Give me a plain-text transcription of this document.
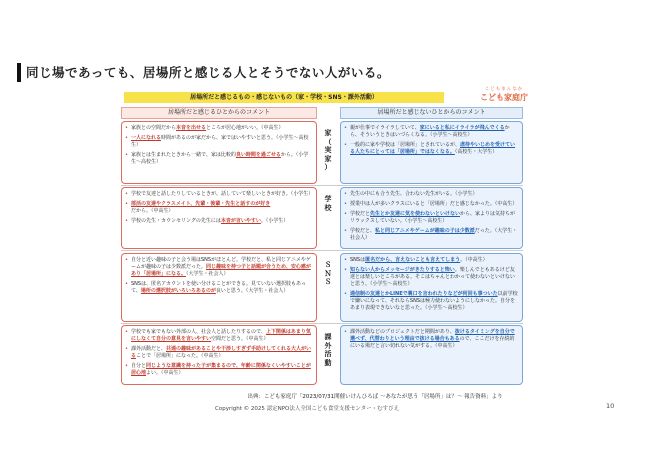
同じ場であっても、居場所と感じる人とそうでない人がいる。
こどもまんなか
こども家庭庁
居場所だと感じるもの・感じないもの（家・学校・SNS・課外活動）
居場所だと感じるひとからのコメント	居場所だと感じないひとからのコメント

• 家族との空間だから本音を出せるところが居心地がいい。（中高生）

• 一人になれる時間があるのが家だから、家ではいやすいと思う。（小学生〜高校生）

• 家族とは生まれたときから一緒で、家は比較的良い時間を過ごせるから。（小学生〜高校生）

• 親が仕事でイライラしていて、家にいると私にイライラが飛んでくるから、そういうときはいづらくなる。（小学生〜高校生）

• 一般的に家や学校は「居場所」とされているが、虐待やいじめを受けている人たちにとっては「居場所」ではなくなる。（高校生・大学生）

家
（
実
家
）

• 学校で友達と話したりしているときが、話していて楽しいときが好き。（小学生）

• 部活の友達やクラスメイト、先輩・後輩・先生と話すのが好きだから。（中高生）

• 学校の先生・カウンセリングの先生には本音が言いやすい。（小学生）

• 先生の中にも合う先生、合わない先生がいる。（小学生）

• 授業中は人が多いクラスにいると「居場所」だと感じなかった。（中高生）

• 学校だと先生とか友達に気を使わないといけないから、家よりは気持ちがリラックスしていない。（小学生〜高校生）

• 学校だと、私と同じアニメやゲームが趣味の子は少数派だった。（大学生・社会人）

学
校

• 自分と近い趣味の子と会う場はSNSがほとんど。学校だと、私と同じアニメやゲームが趣味の子は少数派だった。同じ趣味を持つ子と話題が合うため、安心感があり「居場所」になる。（大学生・社会人）

• SNSは、匿名アカウントを使い分けることができる。見ていない選択肢もあって、場所の選択肢がいろいろあるのが良いと思う。（大学生・社会人）

• SNSは匿名だから、言えないことも言えてしまう。（中高生）

• 知らない人からメッセージがきたりすると怖い。楽しんでともあるけど友達とは楽しいところがある。そこはちゃんとわかって使わないといけないと思う。（小学生〜高校生）

• 通信制の友達とかLINEで裏口を言われたりなどが何回も事ついた以前学校で嫌いになって、それならSNSは極力使わないようにしなかった。自分をあまり表現できないなと思った。（小学生〜高校生）

Ｓ
Ｎ
Ｓ

• 学校でも家でもない外部の人、社会人と話したりするので、上下関係はあまり気にしなくて自分の意見を言いやすい空間だと思う。（中高生）

• 課外活動だと、共通の趣味があることや干渉しすぎず手助けしてくれる大人がいることで「居場所」になった。（中高生）

• 自分と同じような意識を持った子が集まるので、年齢に関係なくいやすいことが居心地よい。（中高生）

• 課外活動などのプロジェクトだと期間があり、抜けるタイミングを自分で選べず、代替わりという理由で抜ける場合もあるので、ここだけを存続的にいる場だと言い切れない気がする。（中高生）

課
外
活
動
出典：こども家庭庁「2023/07/31開催いけんひろば 〜あなたが思う「居場所」は？〜 報告資料」より
Copyright © 2025 認定NPO法人全国こども食堂支援センター・むすびえ	10
